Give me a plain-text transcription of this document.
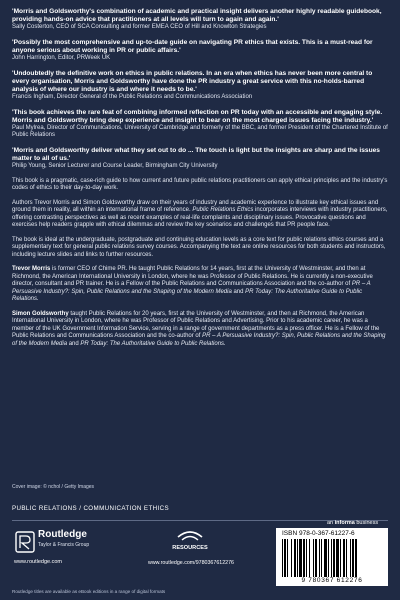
'Morris and Goldsworthy's combination of academic and practical insight delivers another highly readable guidebook, providing hands-on advice that practitioners at all levels will turn to again and again.'
Sally Costerton, CEO of SCA Consulting and former EMEA CEO of Hill and Knowlton Strategies
'Possibly the most comprehensive and up-to-date guide on navigating PR ethics that exists. This is a must-read for anyone serious about working in PR or public affairs.'
John Harrington, Editor, PRWeek UK
'Undoubtedly the definitive work on ethics in public relations. In an era when ethics has never been more central to every organisation, Morris and Goldsworthy have done the PR industry a great service with this no-holds-barred analysis of where our industry is and where it needs to be.'
Francis Ingham, Director General of the Public Relations and Communications Association
'This book achieves the rare feat of combining informed reflection on PR today with an accessible and engaging style. Morris and Goldsworthy bring deep experience and insight to bear on the most charged issues facing the industry.'
Paul Mylrea, Director of Communications, University of Cambridge and formerly of the BBC, and former President of the Chartered Institute of Public Relations
'Morris and Goldsworthy deliver what they set out to do ... The touch is light but the insights are sharp and the issues matter to all of us.'
Philip Young, Senior Lecturer and Course Leader, Birmingham City University

This book is a pragmatic, case-rich guide to how current and future public relations practitioners can apply ethical principles and the industry's codes of ethics to their day-to-day work.

Authors Trevor Morris and Simon Goldsworthy draw on their years of industry and academic experience to illustrate key ethical issues and ground them in reality, all within an international frame of reference. Public Relations Ethics incorporates interviews with industry practitioners, offering contrasting perspectives as well as recent examples of real-life complaints and disciplinary issues. Provocative questions and exercises help readers grapple with ethical dilemmas and review the key scenarios and challenges that PR people face.

The book is ideal at the undergraduate, postgraduate and continuing education levels as a core text for public relations ethics courses and a supplementary text for general public relations survey courses. Accompanying the text are online resources for both students and instructors, including lecture slides and links to further resources.

Trevor Morris is former CEO of Chime PR. He taught Public Relations for 14 years, first at the University of Westminster, and then at Richmond, the American International University in London, where he was Professor of Public Relations. He is currently a non-executive director, consultant and PR trainer. He is a Fellow of the Public Relations and Communications Association and the co-author of PR – A Persuasive Industry?: Spin, Public Relations and the Shaping of the Modern Media and PR Today: The Authoritative Guide to Public Relations.

Simon Goldsworthy taught Public Relations for 20 years, first at the University of Westminster, and then at Richmond, the American International University in London, where he was Professor of Public Relations and Advertising. Prior to his academic career, he was a member of the UK Government Information Service, serving in a range of government departments as a press officer. He is a Fellow of the Public Relations and Communications Association and the co-author of PR – A Persuasive Industry?: Spin, Public Relations and the Shaping of the Modern Media and PR Today: The Authoritative Guide to Public Relations.

Cover image: © nchol / Getty Images
PUBLIC RELATIONS / COMMUNICATION ETHICS
Routledge
Taylor & Francis Group
www.routledge.com
RESOURCES
www.routledge.com/9780367612276
an informa business
ISBN 978-0-367-61227-6
9 780367 612276
Routledge titles are available as eBook editions in a range of digital formats
